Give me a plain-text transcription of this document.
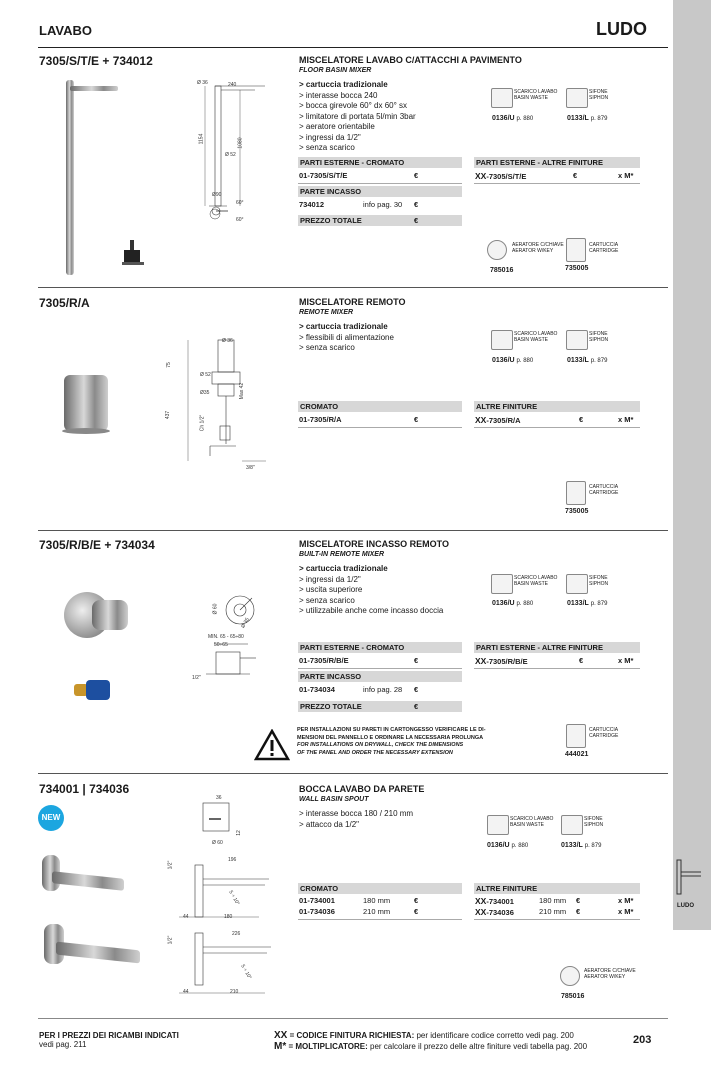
LAVABO	LUDO
LUDO
7305/S/T/E + 734012
Ø 36	240
1154	1080
Ø 52
Ø90
60°
60°
MISCELATORE LAVABO C/ATTACCHI A PAVIMENTO
FLOOR BASIN MIXER
> cartuccia tradizionale
> interasse bocca 240
> bocca girevole 60° dx 60° sx
> limitatore di portata 5l/min 3bar
> aeratore orientabile
> ingressi da 1/2"
> senza scarico
SCARICO LAVABO
BASIN WASTE
0136/U p. 880
SIFONE
SIPHON
0133/L p. 879
PARTI ESTERNE - CROMATO
01-7305/S/T/E	€
PARTE INCASSO
734012	info pag. 30 €
PREZZO TOTALE	€
PARTI ESTERNE - ALTRE FINITURE
XX-7305/S/T/E	€	x M*
AERATORE C/CHIAVE
AERATOR W/KEY
785016
CARTUCCIA
CARTRIDGE
735005
7305/R/A
Ø 36
75
Ø 52
Ø35	Max 42
437	Ch 1/2"
3/8"
MISCELATORE REMOTO
REMOTE MIXER
> cartuccia tradizionale
> flessibili di alimentazione
> senza scarico
SCARICO LAVABO
BASIN WASTE
0136/U p. 880
SIFONE
SIPHON
0133/L p. 879
CROMATO
01-7305/R/A	€
ALTRE FINITURE
XX-7305/R/A	€	x M*
CARTUCCIA
CARTRIDGE
735005
7305/R/B/E + 734034
Ø 60
Ø 35
MIN. 65 - 65÷80
50÷65
1/2"
MISCELATORE INCASSO REMOTO
BUILT-IN REMOTE MIXER
> cartuccia tradizionale
> ingressi da 1/2"
> uscita superiore
> senza scarico
> utilizzabile anche come incasso doccia
SCARICO LAVABO
BASIN WASTE
0136/U p. 880
SIFONE
SIPHON
0133/L p. 879
PARTI ESTERNE - CROMATO
01-7305/R/B/E	€
PARTE INCASSO
01-734034	info pag. 28 €
PREZZO TOTALE	€
PARTI ESTERNE - ALTRE FINITURE
XX-7305/R/B/E	€	x M*
PER INSTALLAZIONI SU PARETI IN CARTONGESSO VERIFICARE LE DI-
MENSIONI DEL PANNELLO E ORDINARE LA NECESSARIA PROLUNGA
FOR INSTALLATIONS ON DRYWALL, CHECK THE DIMENSIONS
OF THE PANEL AND ORDER THE NECESSARY EXTENSION
CARTUCCIA
CARTRIDGE
444021
734001 | 734036
NEW
36
12
Ø 60
196
1/2"
5 ÷ 10°
44	180
226
1/2"
5 ÷ 10°
44	210
BOCCA LAVABO DA PARETE
WALL BASIN SPOUT
> interasse bocca 180 / 210 mm
> attacco da 1/2"
SCARICO LAVABO
BASIN WASTE
0136/U p. 880
SIFONE
SIPHON
0133/L p. 879
CROMATO
01-734001	180 mm	€
01-734036	210 mm	€
ALTRE FINITURE
XX-734001	180 mm €	x M*
XX-734036	210 mm €	x M*
AERATORE C/CHIAVE
AERATOR W/KEY
785016
PER I PREZZI DEI RICAMBI INDICATI
vedi pag. 211
XX = CODICE FINITURA RICHIESTA: per identificare codice corretto vedi pag. 200
M* = MOLTIPLICATORE: per calcolare il prezzo delle altre finiture vedi tabella pag. 200
203
